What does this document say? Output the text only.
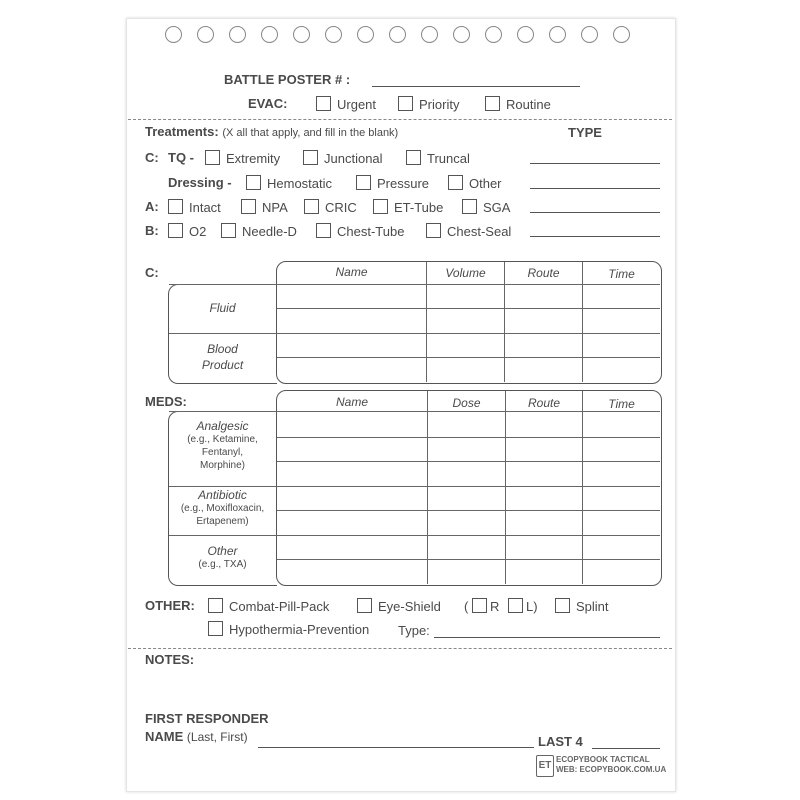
BATTLE POSTER # :
EVAC:	Urgent	Priority	Routine
Treatments: (X all that apply, and fill in the blank)	TYPE
C: TQ -	Extremity	Junctional	Truncal
Dressing -	Hemostatic	Pressure	Other
A:	Intact	NPA	CRIC	ET-Tube	SGA
B:	O2	Needle-D	Chest-Tube	Chest-Seal
C:	Name	Volume	Route	Time
Fluid
Blood
Product
MEDS:	Name	Dose	Route	Time
Analgesic
(e.g., Ketamine,
Fentanyl,
Morphine)
Antibiotic
(e.g., Moxifloxacin,
Ertapenem)
Other
(e.g., TXA)
OTHER:	Combat-Pill-Pack	Eye-Shield (	R	L)	Splint
Hypothermia-Prevention Type:
NOTES:
FIRST RESPONDER
NAME (Last, First)	LAST 4
ET
ECOPYBOOK TACTICAL
WEB: ECOPYBOOK.COM.UA
